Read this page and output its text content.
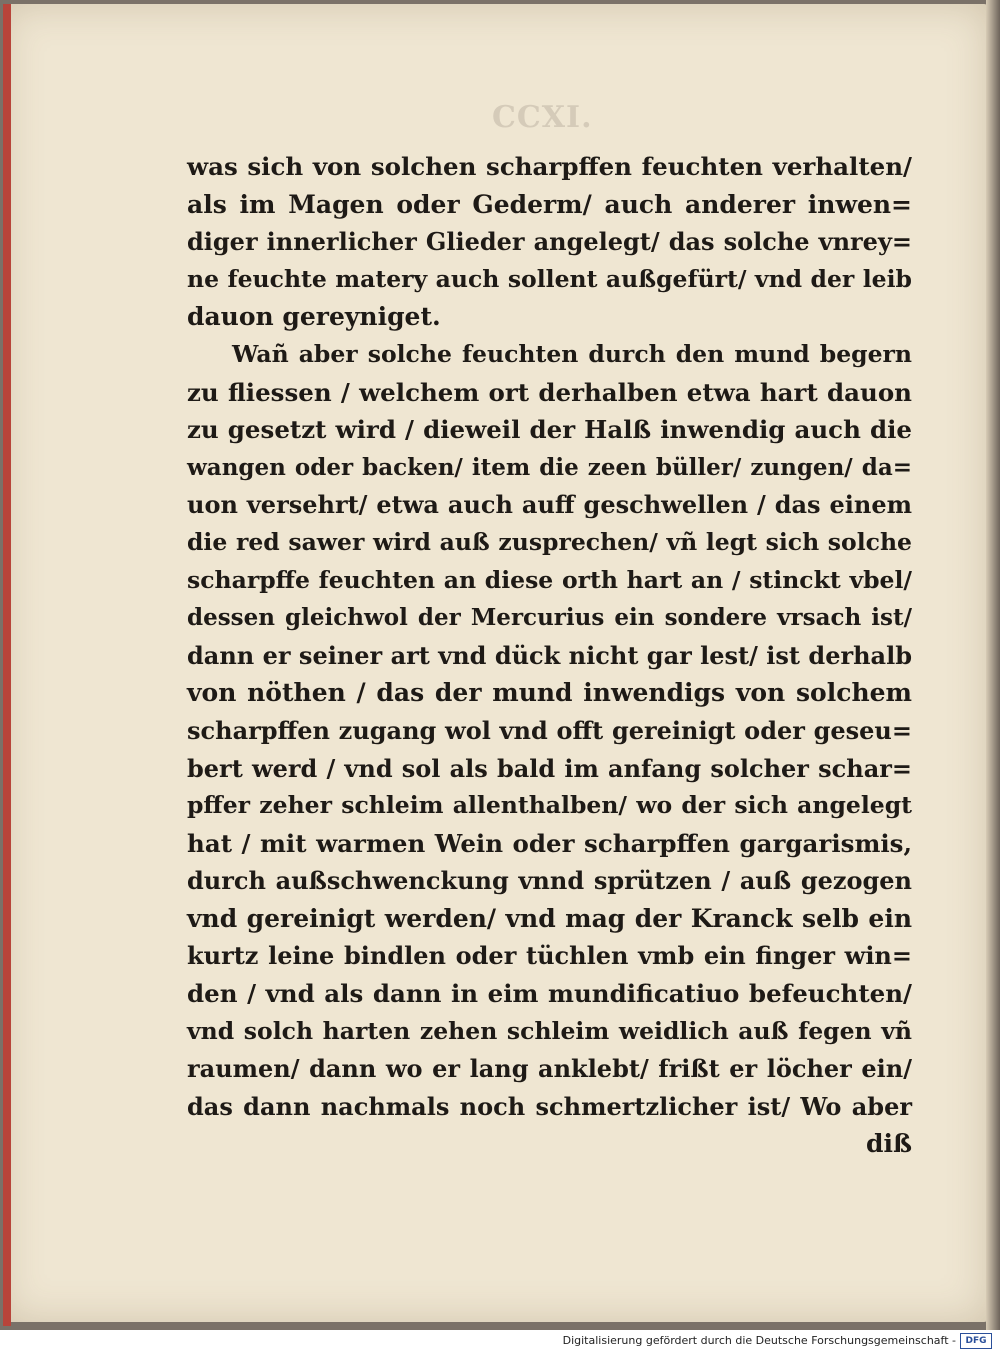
CCXI.
was sich von solchen scharpffen feuchten verhalten/
als im Magen oder Gederm/ auch anderer inwen=
diger innerlicher Glieder angelegt/ das solche vnrey=
ne feuchte matery auch sollent außgefürt/ vnd der leib
dauon gereyniget.
Wañ aber solche feuchten durch den mund begern
zu fliessen / welchem ort derhalben etwa hart dauon
zu gesetzt wird / dieweil der Halß inwendig auch die
wangen oder backen/ item die zeen büller/ zungen/ da=
uon versehrt/ etwa auch auff geschwellen / das einem
die red sawer wird auß zusprechen/ vñ legt sich solche
scharpffe feuchten an diese orth hart an / stinckt vbel/
dessen gleichwol der Mercurius ein sondere vrsach ist/
dann er seiner art vnd dück nicht gar lest/ ist derhalb
von nöthen / das der mund inwendigs von solchem
scharpffen zugang wol vnd offt gereinigt oder geseu=
bert werd / vnd sol als bald im anfang solcher schar=
pffer zeher schleim allenthalben/ wo der sich angelegt
hat / mit warmen Wein oder scharpffen gargarismis,
durch außschwenckung vnnd sprützen / auß gezogen
vnd gereinigt werden/ vnd mag der Kranck selb ein
kurtz leine bindlen oder tüchlen vmb ein finger win=
den / vnd als dann in eim mundificatiuo befeuchten/
vnd solch harten zehen schleim weidlich auß fegen vñ
raumen/ dann wo er lang anklebt/ frißt er löcher ein/
das dann nachmals noch schmertzlicher ist/ Wo aber
diß
Digitalisierung gefördert durch die Deutsche Forschungsgemeinschaft -	DFG
